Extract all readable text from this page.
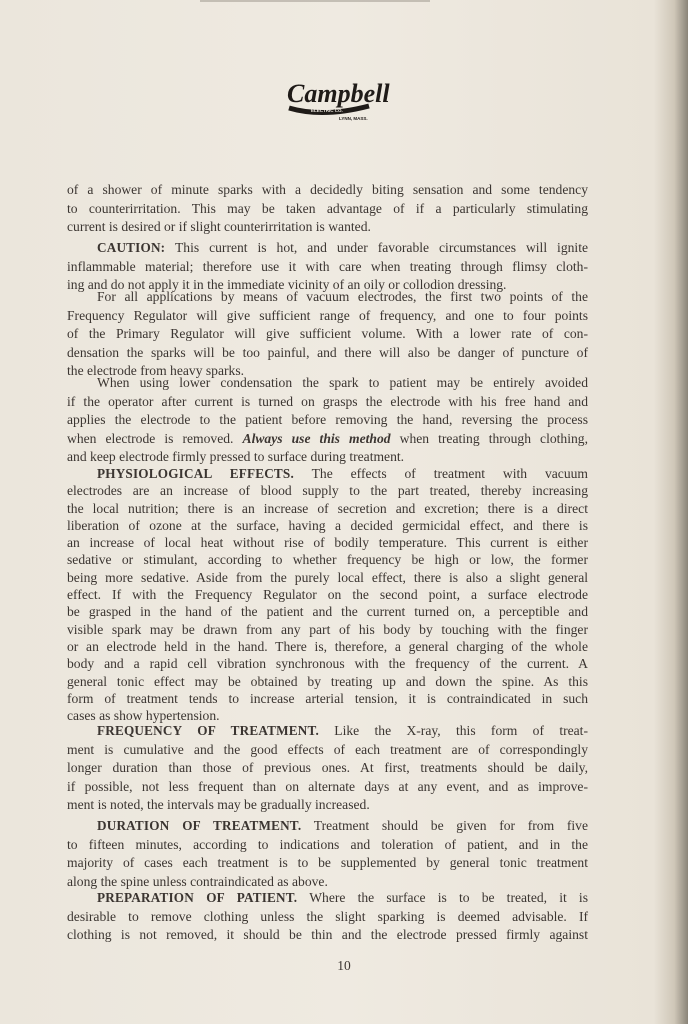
Campbell
ELECTRIC CO.
LYNN, MASS.
of a shower of minute sparks with a decidedly biting sensation and some tendency
to counterirritation. This may be taken advantage of if a particularly stimulating
current is desired or if slight counterirritation is wanted.
CAUTION: This current is hot, and under favorable circumstances will ignite
inflammable material; therefore use it with care when treating through flimsy cloth-
ing and do not apply it in the immediate vicinity of an oily or collodion dressing.
For all applications by means of vacuum electrodes, the first two points of the
Frequency Regulator will give sufficient range of frequency, and one to four points
of the Primary Regulator will give sufficient volume. With a lower rate of con-
densation the sparks will be too painful, and there will also be danger of puncture of
the electrode from heavy sparks.
When using lower condensation the spark to patient may be entirely avoided
if the operator after current is turned on grasps the electrode with his free hand and
applies the electrode to the patient before removing the hand, reversing the process
when electrode is removed. Always use this method when treating through clothing,
and keep electrode firmly pressed to surface during treatment.
PHYSIOLOGICAL EFFECTS. The effects of treatment with vacuum
electrodes are an increase of blood supply to the part treated, thereby increasing
the local nutrition; there is an increase of secretion and excretion; there is a direct
liberation of ozone at the surface, having a decided germicidal effect, and there is
an increase of local heat without rise of bodily temperature. This current is either
sedative or stimulant, according to whether frequency be high or low, the former
being more sedative. Aside from the purely local effect, there is also a slight general
effect. If with the Frequency Regulator on the second point, a surface electrode
be grasped in the hand of the patient and the current turned on, a perceptible and
visible spark may be drawn from any part of his body by touching with the finger
or an electrode held in the hand. There is, therefore, a general charging of the whole
body and a rapid cell vibration synchronous with the frequency of the current. A
general tonic effect may be obtained by treating up and down the spine. As this
form of treatment tends to increase arterial tension, it is contraindicated in such
cases as show hypertension.
FREQUENCY OF TREATMENT. Like the X-ray, this form of treat-
ment is cumulative and the good effects of each treatment are of correspondingly
longer duration than those of previous ones. At first, treatments should be daily,
if possible, not less frequent than on alternate days at any event, and as improve-
ment is noted, the intervals may be gradually increased.
DURATION OF TREATMENT. Treatment should be given for from five
to fifteen minutes, according to indications and toleration of patient, and in the
majority of cases each treatment is to be supplemented by general tonic treatment
along the spine unless contraindicated as above.
PREPARATION OF PATIENT. Where the surface is to be treated, it is
desirable to remove clothing unless the slight sparking is deemed advisable. If
clothing is not removed, it should be thin and the electrode pressed firmly against
10
